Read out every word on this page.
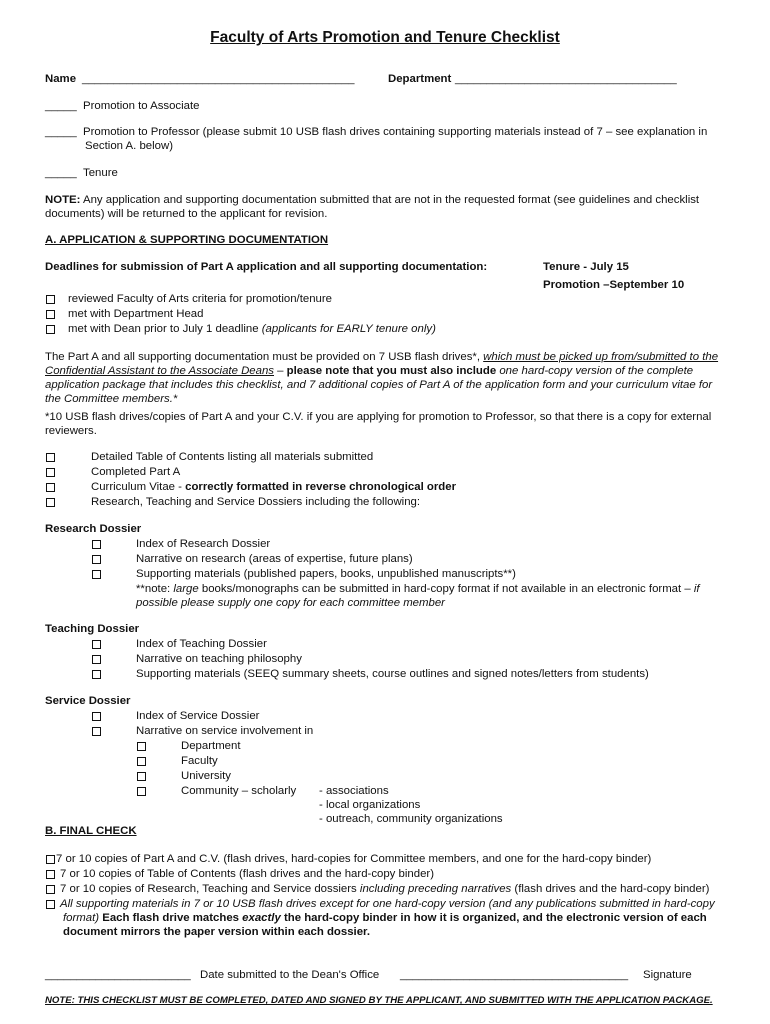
Faculty of Arts Promotion and Tenure Checklist
Name ___________________________________________	Department ___________________________________
_____ Promotion to Associate
_____ Promotion to Professor (please submit 10 USB flash drives containing supporting materials instead of 7 – see explanation in
Section A. below)
_____ Tenure
NOTE: Any application and supporting documentation submitted that are not in the requested format (see guidelines and checklist
documents) will be returned to the applicant for revision.
A. APPLICATION & SUPPORTING DOCUMENTATION
Deadlines for submission of Part A application and all supporting documentation:	Tenure - July 15
Promotion –September 10
reviewed Faculty of Arts criteria for promotion/tenure
met with Department Head
met with Dean prior to July 1 deadline (applicants for EARLY tenure only)
The Part A and all supporting documentation must be provided on 7 USB flash drives*, which must be picked up from/submitted to the
Confidential Assistant to the Associate Deans – please note that you must also include one hard-copy version of the complete
application package that includes this checklist, and 7 additional copies of Part A of the application form and your curriculum vitae for
the Committee members.*
*10 USB flash drives/copies of Part A and your C.V. if you are applying for promotion to Professor, so that there is a copy for external
reviewers.
Detailed Table of Contents listing all materials submitted
Completed Part A
Curriculum Vitae - correctly formatted in reverse chronological order
Research, Teaching and Service Dossiers including the following:
Research Dossier
Index of Research Dossier
Narrative on research (areas of expertise, future plans)
Supporting materials (published papers, books, unpublished manuscripts**)
**note: large books/monographs can be submitted in hard-copy format if not available in an electronic format – if
possible please supply one copy for each committee member
Teaching Dossier
Index of Teaching Dossier
Narrative on teaching philosophy
Supporting materials (SEEQ summary sheets, course outlines and signed notes/letters from students)
Service Dossier
Index of Service Dossier
Narrative on service involvement in
Department
Faculty
University
Community – scholarly - associations
- local organizations
- outreach, community organizations
B. FINAL CHECK
7 or 10 copies of Part A and C.V. (flash drives, hard-copies for Committee members, and one for the hard-copy binder)
7 or 10 copies of Table of Contents (flash drives and the hard-copy binder)
7 or 10 copies of Research, Teaching and Service dossiers including preceding narratives (flash drives and the hard-copy binder)
All supporting materials in 7 or 10 USB flash drives except for one hard-copy version (and any publications submitted in hard-copy
format) Each flash drive matches exactly the hard-copy binder in how it is organized, and the electronic version of each
document mirrors the paper version within each dossier.
_______________________ Date submitted to the Dean's Office ____________________________________ Signature
NOTE: THIS CHECKLIST MUST BE COMPLETED, DATED AND SIGNED BY THE APPLICANT, AND SUBMITTED WITH THE APPLICATION PACKAGE.
